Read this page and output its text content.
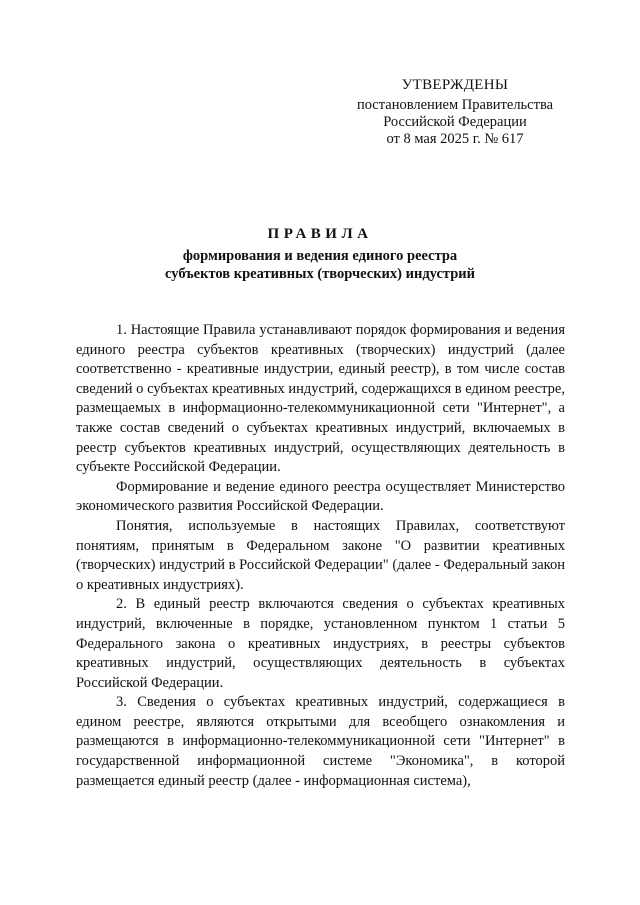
УТВЕРЖДЕНЫ
постановлением Правительства
Российской Федерации
от 8 мая 2025 г. № 617
ПРАВИЛА
формирования и ведения единого реестра
субъектов креативных (творческих) индустрий

1. Настоящие Правила устанавливают порядок формирования и ведения единого реестра субъектов креативных (творческих) индустрий (далее соответственно - креативные индустрии, единый реестр), в том числе состав сведений о субъектах креативных индустрий, содержащихся в едином реестре, размещаемых в информационно-телекоммуникационной сети "Интернет", а также состав сведений о субъектах креативных индустрий, включаемых в реестр субъектов креативных индустрий, осуществляющих деятельность в субъекте Российской Федерации.

Формирование и ведение единого реестра осуществляет Министерство экономического развития Российской Федерации.

Понятия, используемые в настоящих Правилах, соответствуют понятиям, принятым в Федеральном законе "О развитии креативных (творческих) индустрий в Российской Федерации" (далее - Федеральный закон о креативных индустриях).

2. В единый реестр включаются сведения о субъектах креативных индустрий, включенные в порядке, установленном пунктом 1 статьи 5 Федерального закона о креативных индустриях, в реестры субъектов креативных индустрий, осуществляющих деятельность в субъектах Российской Федерации.

3. Сведения о субъектах креативных индустрий, содержащиеся в едином реестре, являются открытыми для всеобщего ознакомления и размещаются в информационно-телекоммуникационной сети "Интернет" в государственной информационной системе "Экономика", в которой размещается единый реестр (далее - информационная система),
